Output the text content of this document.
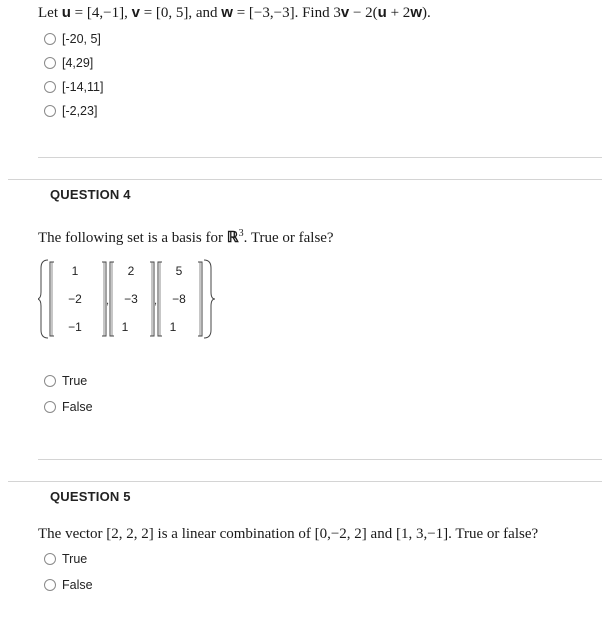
Let u = [4,−1], v = [0, 5], and w = [−3,−3]. Find 3v − 2(u + 2w).
[-20, 5]
[4,29]
[-14,11]
[-2,23]
QUESTION 4
The following set is a basis for ℝ$^3$. True or false?
,	,
1
−2
−1
2
−3
1
5
−8
1
True
False
QUESTION 5
The vector [2, 2, 2] is a linear combination of [0,−2, 2] and [1, 3,−1]. True or false?
True
False
